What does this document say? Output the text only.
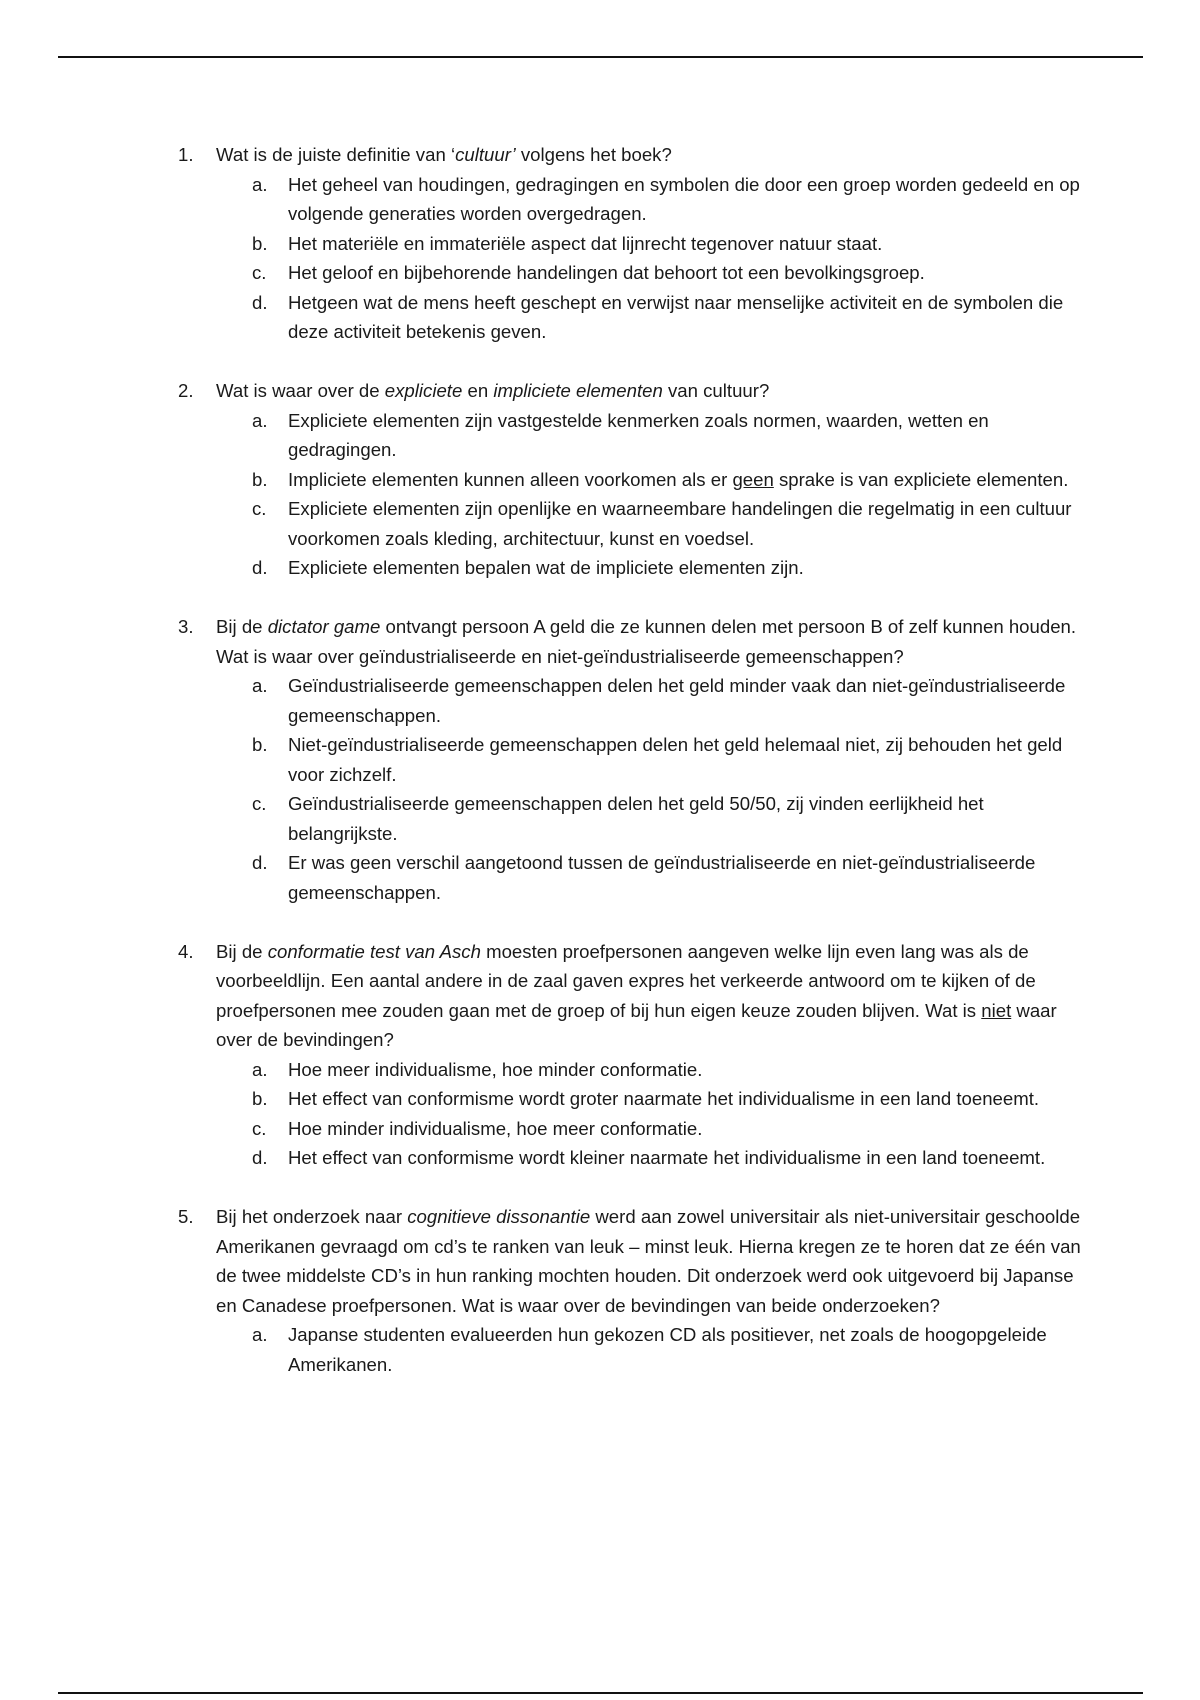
1. Wat is de juiste definitie van ‘cultuur’ volgens het boek?
a. Het geheel van houdingen, gedragingen en symbolen die door een groep worden gedeeld en op volgende generaties worden overgedragen.
b. Het materiële en immateriële aspect dat lijnrecht tegenover natuur staat.
c. Het geloof en bijbehorende handelingen dat behoort tot een bevolkingsgroep.
d. Hetgeen wat de mens heeft geschept en verwijst naar menselijke activiteit en de symbolen die deze activiteit betekenis geven.
2. Wat is waar over de expliciete en impliciete elementen van cultuur?
a. Expliciete elementen zijn vastgestelde kenmerken zoals normen, waarden, wetten en gedragingen.
b. Impliciete elementen kunnen alleen voorkomen als er geen sprake is van expliciete elementen.
c. Expliciete elementen zijn openlijke en waarneembare handelingen die regelmatig in een cultuur voorkomen zoals kleding, architectuur, kunst en voedsel.
d. Expliciete elementen bepalen wat de impliciete elementen zijn.
3. Bij de dictator game ontvangt persoon A geld die ze kunnen delen met persoon B of zelf kunnen houden. Wat is waar over geïndustrialiseerde en niet-geïndustrialiseerde gemeenschappen?
a. Geïndustrialiseerde gemeenschappen delen het geld minder vaak dan niet-geïndustrialiseerde gemeenschappen.
b. Niet-geïndustrialiseerde gemeenschappen delen het geld helemaal niet, zij behouden het geld voor zichzelf.
c. Geïndustrialiseerde gemeenschappen delen het geld 50/50, zij vinden eerlijkheid het belangrijkste.
d. Er was geen verschil aangetoond tussen de geïndustrialiseerde en niet-geïndustrialiseerde gemeenschappen.
4. Bij de conformatie test van Asch moesten proefpersonen aangeven welke lijn even lang was als de voorbeeldlijn. Een aantal andere in de zaal gaven expres het verkeerde antwoord om te kijken of de proefpersonen mee zouden gaan met de groep of bij hun eigen keuze zouden blijven. Wat is niet waar over de bevindingen?
a. Hoe meer individualisme, hoe minder conformatie.
b. Het effect van conformisme wordt groter naarmate het individualisme in een land toeneemt.
c. Hoe minder individualisme, hoe meer conformatie.
d. Het effect van conformisme wordt kleiner naarmate het individualisme in een land toeneemt.
5. Bij het onderzoek naar cognitieve dissonantie werd aan zowel universitair als niet-universitair geschoolde Amerikanen gevraagd om cd’s te ranken van leuk – minst leuk. Hierna kregen ze te horen dat ze één van de twee middelste CD’s in hun ranking mochten houden. Dit onderzoek werd ook uitgevoerd bij Japanse en Canadese proefpersonen. Wat is waar over de bevindingen van beide onderzoeken?
a. Japanse studenten evalueerden hun gekozen CD als positiever, net zoals de hoogopgeleide Amerikanen.
